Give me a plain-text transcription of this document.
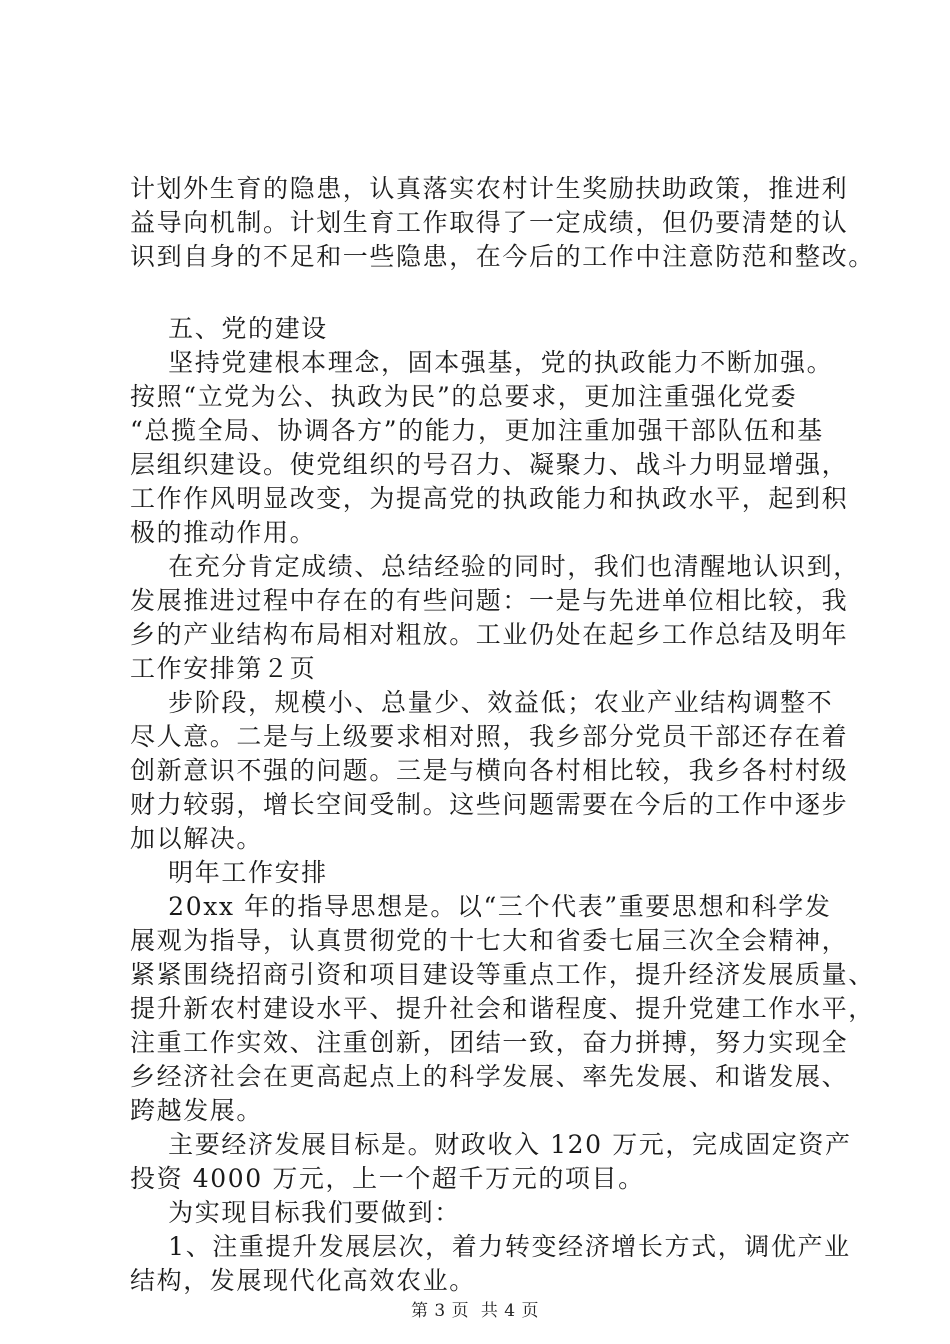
计划外生育的隐患，认真落实农村计生奖励扶助政策，推进利
益导向机制。计划生育工作取得了一定成绩，但仍要清楚的认
识到自身的不足和一些隐患，在今后的工作中注意防范和整改。
五、党的建设
坚持党建根本理念，固本强基，党的执政能力不断加强。
按照“立党为公、执政为民”的总要求，更加注重强化党委
“总揽全局、协调各方”的能力，更加注重加强干部队伍和基
层组织建设。使党组织的号召力、凝聚力、战斗力明显增强，
工作作风明显改变，为提高党的执政能力和执政水平，起到积
极的推动作用。
在充分肯定成绩、总结经验的同时，我们也清醒地认识到，
发展推进过程中存在的有些问题：一是与先进单位相比较，我
乡的产业结构布局相对粗放。工业仍处在起乡工作总结及明年
工作安排第２页
步阶段，规模小、总量少、效益低；农业产业结构调整不
尽人意。二是与上级要求相对照，我乡部分党员干部还存在着
创新意识不强的问题。三是与横向各村相比较，我乡各村村级
财力较弱，增长空间受制。这些问题需要在今后的工作中逐步
加以解决。
明年工作安排
20xx 年的指导思想是。以“三个代表”重要思想和科学发
展观为指导，认真贯彻党的十七大和省委七届三次全会精神，
紧紧围绕招商引资和项目建设等重点工作，提升经济发展质量、
提升新农村建设水平、提升社会和谐程度、提升党建工作水平，
注重工作实效、注重创新，团结一致，奋力拼搏，努力实现全
乡经济社会在更高起点上的科学发展、率先发展、和谐发展、
跨越发展。
主要经济发展目标是。财政收入 120 万元，完成固定资产
投资 4000 万元，上一个超千万元的项目。
为实现目标我们要做到：
1、注重提升发展层次，着力转变经济增长方式，调优产业
结构，发展现代化高效农业。
第 3 页  共 4 页
